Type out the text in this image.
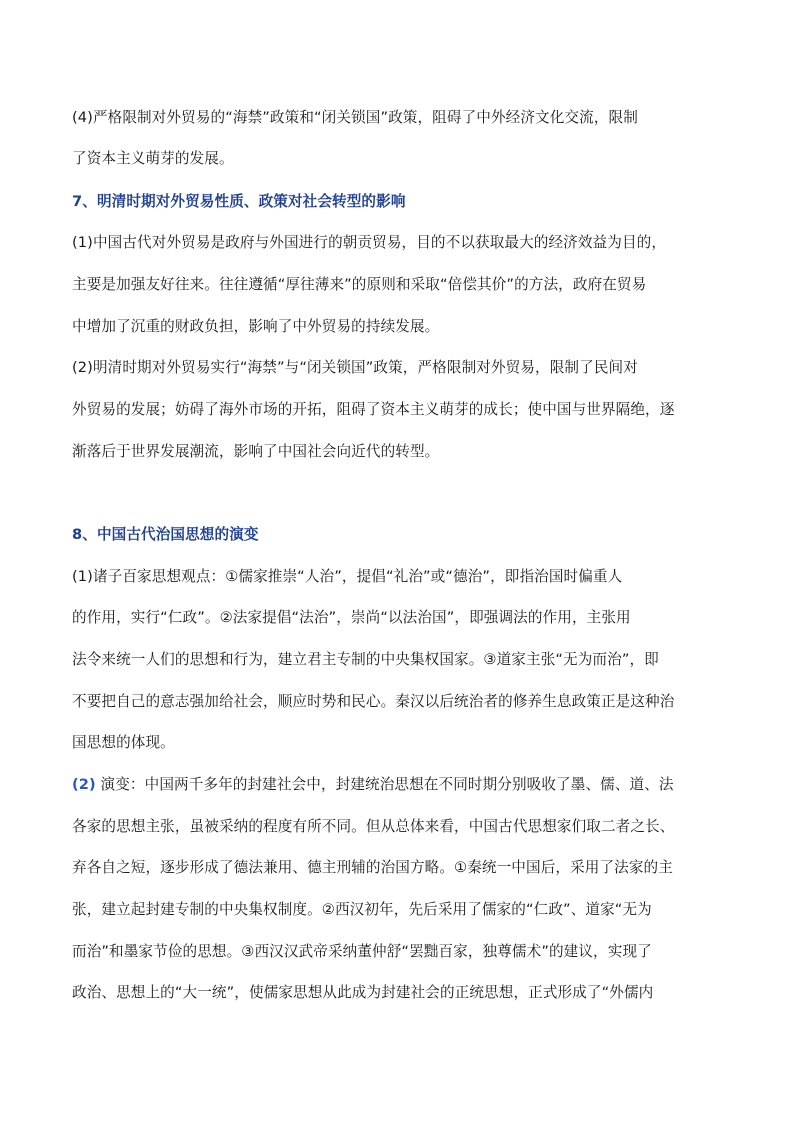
(4)严格限制对外贸易的“海禁”政策和“闭关锁国”政策，阻碍了中外经济文化交流，限制
了资本主义萌芽的发展。
7、明清时期对外贸易性质、政策对社会转型的影响
(1)中国古代对外贸易是政府与外国进行的朝贡贸易，目的不以获取最大的经济效益为目的，
主要是加强友好往来。往往遵循“厚往薄来”的原则和采取“倍偿其价”的方法，政府在贸易
中增加了沉重的财政负担，影响了中外贸易的持续发展。
(2)明清时期对外贸易实行“海禁”与“闭关锁国”政策，严格限制对外贸易，限制了民间对
外贸易的发展；妨碍了海外市场的开拓，阻碍了资本主义萌芽的成长；使中国与世界隔绝，逐
渐落后于世界发展潮流，影响了中国社会向近代的转型。
8、中国古代治国思想的演变
(1)诸子百家思想观点：①儒家推崇“人治”，提倡“礼治”或“德治”，即指治国时偏重人
的作用，实行“仁政”。②法家提倡“法治”，崇尚“以法治国”，即强调法的作用，主张用
法令来统一人们的思想和行为，建立君主专制的中央集权国家。③道家主张“无为而治”，即
不要把自己的意志强加给社会，顺应时势和民心。秦汉以后统治者的修养生息政策正是这种治
国思想的体现。
(2) 演变：中国两千多年的封建社会中，封建统治思想在不同时期分别吸收了墨、儒、道、法
各家的思想主张，虽被采纳的程度有所不同。但从总体来看，中国古代思想家们取二者之长、
弃各自之短，逐步形成了德法兼用、德主刑辅的治国方略。①秦统一中国后，采用了法家的主
张，建立起封建专制的中央集权制度。②西汉初年，先后采用了儒家的“仁政”、道家“无为
而治”和墨家节俭的思想。③西汉汉武帝采纳董仲舒“罢黜百家，独尊儒术”的建议，实现了
政治、思想上的“大一统”，使儒家思想从此成为封建社会的正统思想，正式形成了“外儒内
